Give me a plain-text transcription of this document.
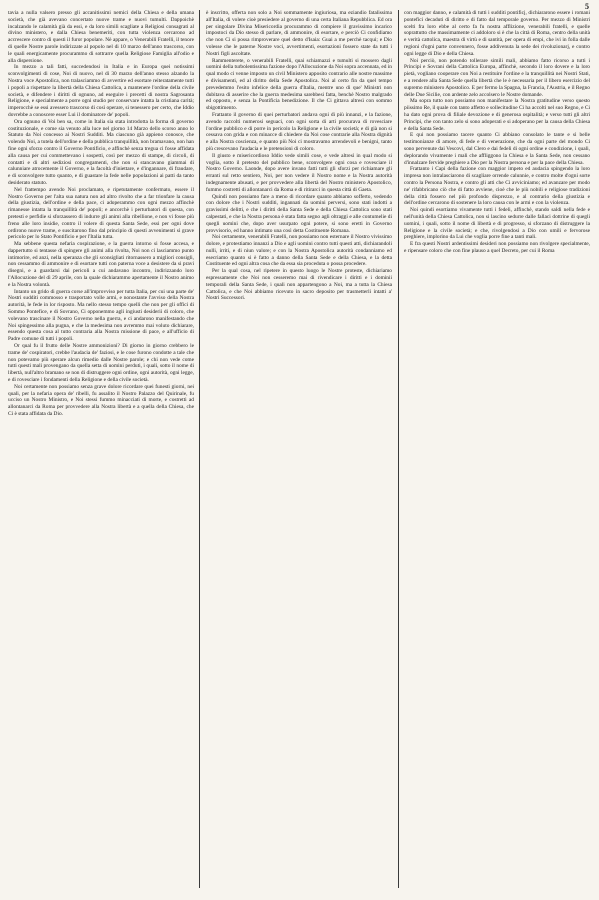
5

tavia a nulla valsero presso gli accanitissimi nemici della Chiesa e della umana società, che già avevano concertato nuove trame e nuovi tumulti. Dappoichè incalzando le calamità già da essi, e da loro simili scagliate a Religiosi consagrati al divino ministero, e dalla Chiesa benemeriti, con tutta violenza cercarono ad accrescere contro di questi il furor popolare. Nè appare, o Venerabili Fratelli, il tenore di quelle Nostre parole indirizzate al popolo nel di 10 marzo dell'anno trascorso, con le quali energicamente procurammo di sottrarre quella Religiose Famiglia all'odio e alla dispersione.

In mezzo a tali fatti, succedendosi in Italia e in Europa quei notissimi sconvolgimenti di cose, Noi di nuovo, nel dì 30 marzo dell'anno stesso alzando la Nostra voce Apostolica, non tralasciammo di avvertire ed esortare reiteratamente tutti i popoli a rispettare la libertà della Chiesa Cattolica, a mantenere l'ordine della civile società, e difendere i diritti di ognuno, ad eseguire i precetti di nostra Sagrosanta Religione, e specialmente a porre ogni studio per conservare intatta la cristiana carità; imperocchè se essi avessero trascorso di così operare, si tenessero per certo, che Iddio dovrebbe a conoscere esser Lui il dominatore de' popoli.

Ora ognuno di Voi ben sa, come in Italia sia stata introdotta la forma di governo costituzionale, e come sia venuto alla luce nel giorno 14 Marzo dello scorso anno lo Statuto da Noi concesso ai Nostri Sudditi. Ma ciascuno già appieno conosce, che volendo Noi, a tutela dell'ordine e della pubblica tranquillità, non bramavano, non han fine ogni sforzo contro il Governo Pontificio, e affinchè senza tregua ci fosse affidata alla causa per cui commettevano i sospetti, così per mezzo di stampe, di circoli, di contatti e di altri sediziosi congregamenti, che non si stancavano giammai di calunniare atrocemente il Governo, e la facoltà d'iniettare, e d'ingannare, di fraudare, e di sconvolgere tutto quanto, e di guastare la fede nelle popolazioni ai patti da tanto desiderato statuto.

Nel frattempo avendo Noi proclamato, e ripetutamente confermato, essere il Nostro Governo per l'alta sua natura non ad altro rivolto che a far trionfare la causa della giustizia, dell'ordine e della pace, ci adoperammo con ogni mezzo affinchè rimanesse intatta la tranquillità de' popoli; e ancorchè i perturbatori di questa, con pretesti e perfidie si sforzassero di indurre gli animi alla ribellione, e non vi fosse più freno alle loro insidie, contro il volere di questa Santa Sede, essi per ogni dove ordirono nuove trame, e suscitarono fino dal principio di questi avvenimenti sì grave pericolo per lo Stato Pontificio e per l'Italia tutta.

Ma sebbene questa nefaria cospirazione, e la guerra intorno si fosse accesa, e dappertutto si tentasse di spingere gli animi alla rivolta, Noi non ci lasciammo punto intimorire, ed anzi, nella speranza che gli sconsigliati ritornassero a migliori consigli, non cessammo di ammonire e di esortare tutti con paterna voce a desistere da si pravi disegni, e a guardarsi dai pericoli a cui andavano incontro, indirizzando loro l'Allocuzione del dì 29 aprile, con la quale dichiarammo apertamente il Nostro animo e la Nostra volontà.

Intanto un grido di guerra corse all'improvviso per tutta Italia, per cui una parte de' Nostri sudditi commosso e trasportato volle armi, e nonostante l'avviso della Nostra autorità, le fede in lor risposto. Ma nello stesso tempo quelli che non per gli offici di Sommo Pontefice, e di Sovrano, Ci opponemmo agli ingiusti desiderii di coloro, che volevano trascinare il Nostro Governo nella guerra, e ci andarono manifestando che Noi spingessimo alla pugna, e che la medesima non avremmo mai voluto dichiarare, essendo questa cosa al tutto contraria alla Nostra missione di pace, e all'ufficio di Padre comune di tutti i popoli.

Or qual fu il frutto delle Nostre ammonizioni? Di giorno in giorno crebbero le trame de' cospiratori, crebbe l'audacia de' faziosi, e le cose furono condotte a tale che non potevamo più sperare alcun rimedio dalle Nostre parole; e chi non vede come tutti questi mali provengano da quella setta di uomini perduti, i quali, sotto il nome di libertà, null'altro bramano se non di distruggere ogni ordine, ogni autorità, ogni legge, e di rovesciare i fondamenti della Religione e della civile società.

Noi certamente non possiamo senza grave dolore ricordare quei funesti giorni, nei quali, per la nefaria opera de' ribelli, fu assalito il Nostro Palazzo del Quirinale, fu ucciso un Nostro Ministro, e Noi stessi fummo minacciati di morte, e costretti ad allontanarci da Roma per provvedere alla Nostra libertà e a quella della Chiesa, che Ci è stata affidata da Dio.

è inscritto, offerta non solo a Noi sommamente ingiuriosa, ma eziandio fatalissima all'Italia, di volere cioè presiedere al governo di una certa Italiana Repubblica. Ed ora per singolare Divina Misericordia procurammo di compiere il gravissimo incarico impostoci da Dio stesso di parlare, di ammonire, di esortare, e perciò Ci confidiamo che non Ci si possa rimproverare quel detto d'Isaia: Guai a me perchè tacqui; e Dio volesse che le paterne Nostre voci, avvertimenti, esortazioni fossero state da tutti i Nostri figli ascoltate.

Rammenterete, o venerabili Fratelli, quai schiamazzi e tumulti si mossero dagli uomini della turbolentissima fazione dopo l'Allocuzione da Noi sopra accennata, ed in qual modo ci venne imposto un civil Ministero apposito contrario alle nostre massime e divisamenti, ed al diritto della Sede Apostolica. Noi al certo fin da quel tempo prevedemmo l'esito infelice della guerra d'Italia, mentre uno di que' Ministri non dubitava di asserire che la guerra medesima sarebbesi fatta, benchè Nostro malgrado ed opposto, e senza la Pontificia benedizione. Il che Ci gittava altresì con sommo sbigottimento.

Frattanto il governo di quei perturbatori andava ogni dì più innanzi, e la fazione, avendo raccolti numerosi seguaci, con ogni sorta di arti procurava di rovesciare l'ordine pubblico e di porre in pericolo la Religione e la civile società; e di già non si cessava con grida e con minacce di chiedere da Noi cose contrarie alla Nostra dignità e alla Nostra coscienza, e quanto più Noi ci mostravamo arrendevoli e benigni, tanto più crescevano l'audacia e le pretensioni di coloro.

Il giusto e misericordioso Iddio vede simili cose, e vede altresì in qual modo si voglia, sotto il pretesto del pubblico bene, sconvolgere ogni cosa e rovesciare il Nostro Governo. Laonde, dopo avere invano fatti tutti gli sforzi per richiamare gli erranti sul retto sentiero, Noi, per non vedere il Nostro nome e la Nostra autorità indegnamente abusati, e per provvedere alla libertà del Nostro ministero Apostolico, fummo costretti di allontanarci da Roma e di ritirarci in questa città di Gaeta.

Quindi non possiamo fare a meno di ricordare quanto abbiamo sofferto, vedendo con dolore che i Nostri sudditi, ingannati da uomini perversi, sono stati indotti a gravissimi delitti, e che i diritti della Santa Sede e della Chiesa Cattolica sono stati calpestati, e che la Nostra persona è stata fatta segno agli oltraggi e alle contumelie di quegli uomini che, dopo aver usurpato ogni potere, si sono eretti in Governo provvisorio, ed hanno intimato una così detta Costituente Romana.

Noi certamente, venerabili Fratelli, non possiamo non esternare il Nostro vivissimo dolore, e protestiamo innanzi a Dio e agli uomini contro tutti questi atti, dichiarandoli nulli, irriti, e di niun valore; e con la Nostra Apostolica autorità condanniamo ed esecriamo quanto si è fatto a danno della Santa Sede e della Chiesa, e la detta Costituente ed ogni altra cosa che da essa sia proceduta o possa procedere.

Per la qual cosa, nel ripetere in questo luogo le Nostre proteste, dichiariamo espressamente che Noi non cesseremo mai di rivendicare i diritti e i dominii temporali della Santa Sede, i quali non appartengono a Noi, ma a tutta la Chiesa Cattolica, e che Noi abbiamo ricevuto in sacro deposito per trasmetterli intatti a' Nostri Successori.

con maggior danno, e calamità di tutti i sudditi pontificj, dichiararono essere i romani pontefici decaduti di diritto e di fatto dal temporale governo. Per mezzo di Ministri scelti fra loro ebbe al certo fa fu nostra afflizione, venerabili fratelli, e quelle soprattutto che massimamente ci addoloro si è che la città di Roma, centro della unità e verità cattolica, maestra di virtù e di santità, per opera di empi, che ivi in folla dalle regioni d'ogni parte convennero, fosse addivenuta la sede dei rivoluzionarj, e contro ogni legge di Dio e della Chiesa.

Noi perciò, non potendo tollerare simili mali, abbiamo fatto ricorso a tutti i Principi e Sovrani della Cattolica Europa, affinchè, secondo il loro dovere e la loro pietà, vogliano cooperare con Noi a restituire l'ordine e la tranquillità nei Nostri Stati, e a rendere alla Santa Sede quella libertà che le è necessaria per il libero esercizio del supremo ministero Apostolico. E per fermo la Spagna, la Francia, l'Austria, e il Regno delle Due Sicilie, con ardente zelo accolsero le Nostre domande.

Ma sopra tutto non possiamo non manifestare la Nostra gratitudine verso questo piissimo Re, il quale con tanto affetto e sollecitudine Ci ha accolti nel suo Regno, e Ci ha dato ogni prova di filiale devozione e di generosa ospitalità; e verso tutti gli altri Principi, che con tanto zelo si sono adoperati e si adoperano per la causa della Chiesa e della Santa Sede.

E qui non possiamo tacere quanto Ci abbiano consolato le tante e sì belle testimonianze di amore, di fede e di venerazione, che da ogni parte del mondo Ci sono pervenute dai Vescovi, dal Clero e dai fedeli di ogni ordine e condizione, i quali, deplorando vivamente i mali che affliggono la Chiesa e la Santa Sede, non cessano d'innalzare fervide preghiere a Dio per la Nostra persona e per la pace della Chiesa.

Frattanto i Capi della fazione con maggior impeto ed audacia spingendo la loro impresa non intralasciarono di scagliare orrende calunnie, e contro molte d'ogni sorte contro la Persona Nostra, e contro gli atti che Ci avviciniamo; ed avanzare per modo ne' rifabbricano ciò che di fatto avviene, cioè che le più nobili e religiose tradizioni della città fossero nel più profondo disprezzo, e al contrario della giustizia e dell'ordine cercarono di sostenere la loro causa con le armi e con la violenza.

Noi quindi esortiamo vivamente tutti i fedeli, affinchè, stando saldi nella fede e nell'unità della Chiesa Cattolica, non si lascino sedurre dalle fallaci dottrine di quegli uomini, i quali, sotto il nome di libertà e di progresso, si sforzano di distruggere la Religione e la civile società; e che, rivolgendosi a Dio con umili e fervorose preghiere, implorino da Lui che voglia porre fine a tanti mali.

E fra questi Nostri ardentissimi desideri non possiamo non rivolgere specialmente, e ripensare coloro che con fine plauso a quel Decreto, per cui il Roma
